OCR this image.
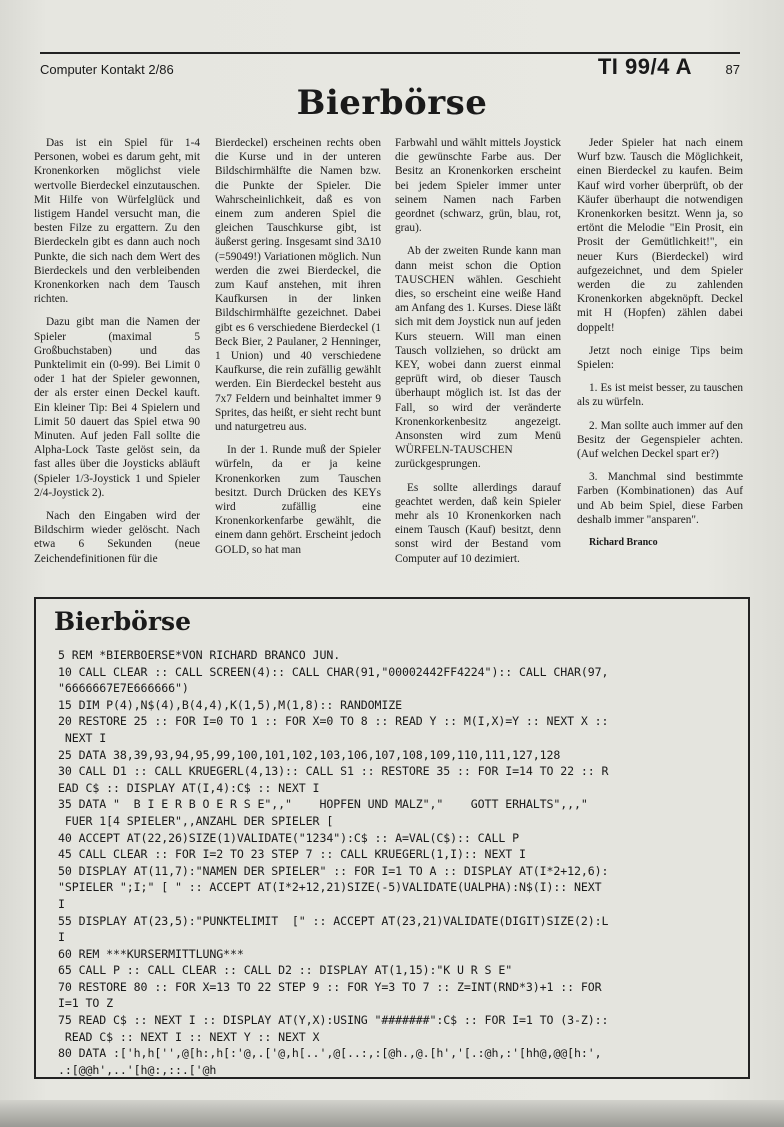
Computer Kontakt 2/86	TI 99/4 A	87
Bierbörse

Das ist ein Spiel für 1-4 Personen, wobei es darum geht, mit Kronenkorken möglichst viele wertvolle Bierdeckel einzutauschen. Mit Hilfe von Würfelglück und listigem Handel versucht man, die besten Filze zu ergattern. Zu den Bierdeckeln gibt es dann auch noch Punkte, die sich nach dem Wert des Bierdeckels und den verbleibenden Kronenkorken nach dem Tausch richten.

Dazu gibt man die Namen der Spieler (maximal 5 Großbuchstaben) und das Punktelimit ein (0-99). Bei Limit 0 oder 1 hat der Spieler gewonnen, der als erster einen Deckel kauft. Ein kleiner Tip: Bei 4 Spielern und Limit 50 dauert das Spiel etwa 90 Minuten. Auf jeden Fall sollte die Alpha-Lock Taste gelöst sein, da fast alles über die Joysticks abläuft (Spieler 1/3-Joystick 1 und Spieler 2/4-Joystick 2).

Nach den Eingaben wird der Bildschirm wieder gelöscht. Nach etwa 6 Sekunden (neue Zeichendefinitionen für die

Bierdeckel) erscheinen rechts oben die Kurse und in der unteren Bildschirmhälfte die Namen bzw. die Punkte der Spieler. Die Wahrscheinlichkeit, daß es von einem zum anderen Spiel die gleichen Tauschkurse gibt, ist äußerst gering. Insgesamt sind 3Δ10 (=59049!) Variationen möglich. Nun werden die zwei Bierdeckel, die zum Kauf anstehen, mit ihren Kaufkursen in der linken Bildschirmhälfte gezeichnet. Dabei gibt es 6 verschiedene Bierdeckel (1 Beck Bier, 2 Paulaner, 2 Henninger, 1 Union) und 40 verschiedene Kaufkurse, die rein zufällig gewählt werden. Ein Bierdeckel besteht aus 7x7 Feldern und beinhaltet immer 9 Sprites, das heißt, er sieht recht bunt und naturgetreu aus.

In der 1. Runde muß der Spieler würfeln, da er ja keine Kronenkorken zum Tauschen besitzt. Durch Drücken des KEYs wird zufällig eine Kronenkorkenfarbe gewählt, die einem dann gehört. Erscheint jedoch GOLD, so hat man

Farbwahl und wählt mittels Joystick die gewünschte Farbe aus. Der Besitz an Kronenkorken erscheint bei jedem Spieler immer unter seinem Namen nach Farben geordnet (schwarz, grün, blau, rot, grau).

Ab der zweiten Runde kann man dann meist schon die Option TAUSCHEN wählen. Geschieht dies, so erscheint eine weiße Hand am Anfang des 1. Kurses. Diese läßt sich mit dem Joystick nun auf jeden Kurs steuern. Will man einen Tausch vollziehen, so drückt am KEY, wobei dann zuerst einmal geprüft wird, ob dieser Tausch überhaupt möglich ist. Ist das der Fall, so wird der veränderte Kronenkorkenbesitz angezeigt. Ansonsten wird zum Menü WÜRFELN-TAUSCHEN zurückgesprungen.

Es sollte allerdings darauf geachtet werden, daß kein Spieler mehr als 10 Kronenkorken nach einem Tausch (Kauf) besitzt, denn sonst wird der Bestand vom Computer auf 10 dezimiert.

Jeder Spieler hat nach einem Wurf bzw. Tausch die Möglichkeit, einen Bierdeckel zu kaufen. Beim Kauf wird vorher überprüft, ob der Käufer überhaupt die notwendigen Kronenkorken besitzt. Wenn ja, so ertönt die Melodie "Ein Prosit, ein Prosit der Gemütlichkeit!", ein neuer Kurs (Bierdeckel) wird aufgezeichnet, und dem Spieler werden die zu zahlenden Kronenkorken abgeknöpft. Deckel mit H (Hopfen) zählen dabei doppelt!

Jetzt noch einige Tips beim Spielen:

1. Es ist meist besser, zu tauschen als zu würfeln.

2. Man sollte auch immer auf den Besitz der Gegenspieler achten. (Auf welchen Deckel spart er?)

3. Manchmal sind bestimmte Farben (Kombinationen) das Auf und Ab beim Spiel, diese Farben deshalb immer "ansparen".

Richard Branco
Bierbörse
5 REM *BIERBOERSE*VON RICHARD BRANCO JUN.
10 CALL CLEAR :: CALL SCREEN(4):: CALL CHAR(91,"00002442FF4224"):: CALL CHAR(97,
"6666667E7E666666")
15 DIM P(4),N$(4),B(4,4),K(1,5),M(1,8):: RANDOMIZE
20 RESTORE 25 :: FOR I=0 TO 1 :: FOR X=0 TO 8 :: READ Y :: M(I,X)=Y :: NEXT X ::
NEXT I
25 DATA 38,39,93,94,95,99,100,101,102,103,106,107,108,109,110,111,127,128
30 CALL D1 :: CALL KRUEGERL(4,13):: CALL S1 :: RESTORE 35 :: FOR I=14 TO 22 :: R
EAD C$ :: DISPLAY AT(I,4):C$ :: NEXT I
35 DATA "  B I E R B O E R S E",,"    HOPFEN UND MALZ","    GOTT ERHALTS",,,"
FUER 1[4 SPIELER",,ANZAHL DER SPIELER [
40 ACCEPT AT(22,26)SIZE(1)VALIDATE("1234"):C$ :: A=VAL(C$):: CALL P
45 CALL CLEAR :: FOR I=2 TO 23 STEP 7 :: CALL KRUEGERL(1,I):: NEXT I
50 DISPLAY AT(11,7):"NAMEN DER SPIELER" :: FOR I=1 TO A :: DISPLAY AT(I*2+12,6):
"SPIELER ";I;" [ " :: ACCEPT AT(I*2+12,21)SIZE(-5)VALIDATE(UALPHA):N$(I):: NEXT
I
55 DISPLAY AT(23,5):"PUNKTELIMIT  [" :: ACCEPT AT(23,21)VALIDATE(DIGIT)SIZE(2):L
I
60 REM ***KURSERMITTLUNG***
65 CALL P :: CALL CLEAR :: CALL D2 :: DISPLAY AT(1,15):"K U R S E"
70 RESTORE 80 :: FOR X=13 TO 22 STEP 9 :: FOR Y=3 TO 7 :: Z=INT(RND*3)+1 :: FOR
I=1 TO Z
75 READ C$ :: NEXT I :: DISPLAY AT(Y,X):USING "#######":C$ :: FOR I=1 TO (3-Z)::
READ C$ :: NEXT I :: NEXT Y :: NEXT X
80 DATA :['h,h['',@[h:,h[:'@,.['@,h[..',@[..:,:[@h.,@.[h','[.:@h,:'[hh@,@@[h:',
.:[@@h',..'[h@:,::.['@h
